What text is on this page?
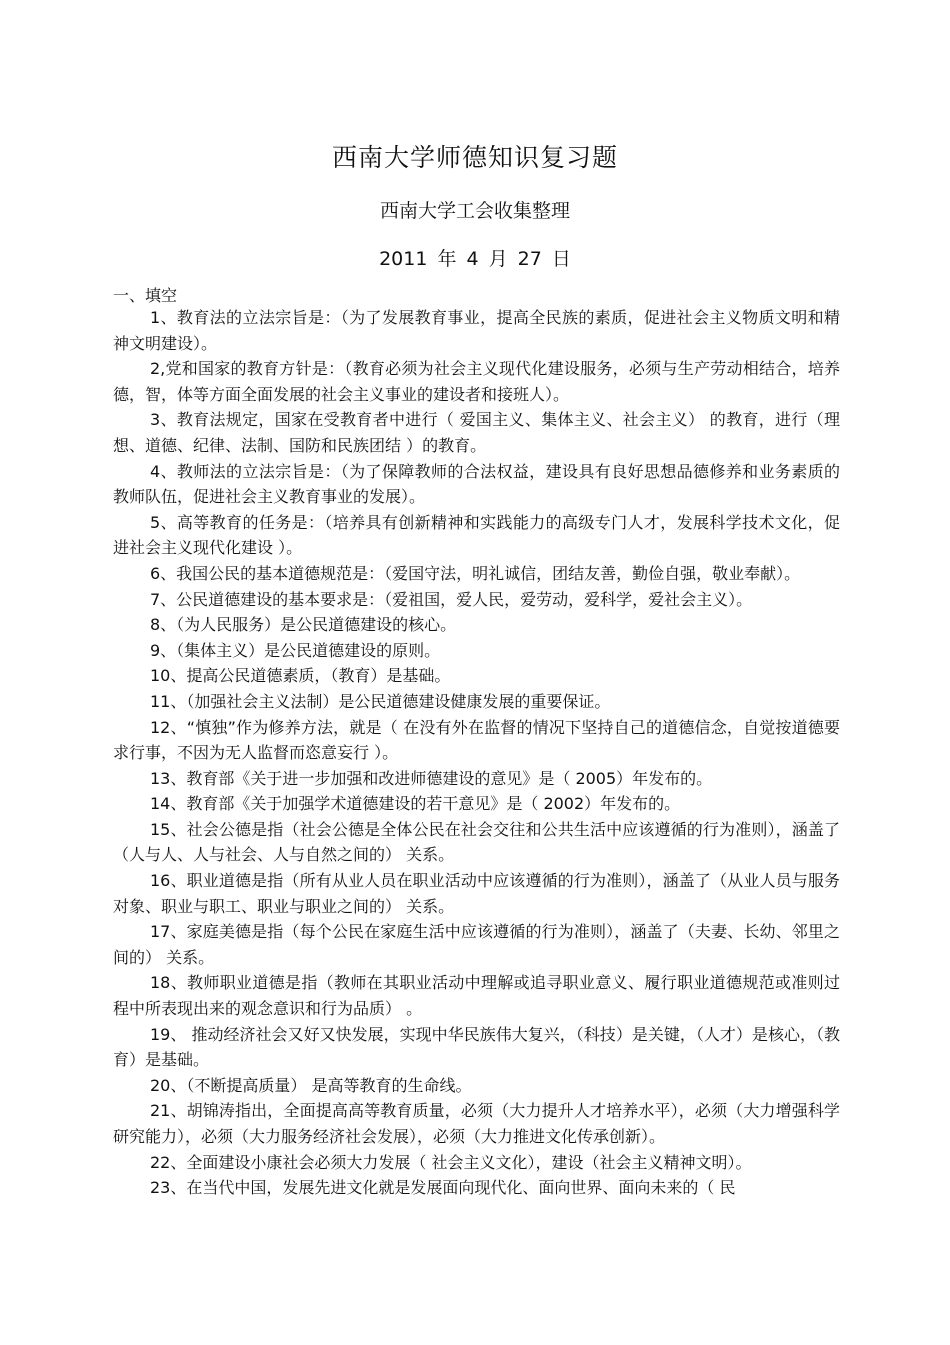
西南大学师德知识复习题
西南大学工会收集整理
2011 年 4 月 27 日
一、填空

1、教育法的立法宗旨是：（为了发展教育事业，提高全民族的素质，促进社会主义物质文明和精神文明建设）。

2,党和国家的教育方针是：（教育必须为社会主义现代化建设服务，必须与生产劳动相结合，培养德，智，体等方面全面发展的社会主义事业的建设者和接班人）。

3、教育法规定，国家在受教育者中进行（ 爱国主义、集体主义、社会主义） 的教育，进行（理想、道德、纪律、法制、国防和民族团结 ）的教育。

4、教师法的立法宗旨是：（为了保障教师的合法权益，建设具有良好思想品德修养和业务素质的教师队伍，促进社会主义教育事业的发展）。

5、高等教育的任务是：（培养具有创新精神和实践能力的高级专门人才，发展科学技术文化，促进社会主义现代化建设 ）。

6、我国公民的基本道德规范是：（爱国守法，明礼诚信，团结友善，勤俭自强，敬业奉献）。

7、公民道德建设的基本要求是：（爱祖国，爱人民，爱劳动，爱科学，爱社会主义）。

8、（为人民服务）是公民道德建设的核心。

9、（集体主义）是公民道德建设的原则。

10、提高公民道德素质，（教育）是基础。

11、（加强社会主义法制）是公民道德建设健康发展的重要保证。

12、“慎独”作为修养方法，就是（ 在没有外在监督的情况下坚持自己的道德信念，自觉按道德要求行事，不因为无人监督而恣意妄行 ）。

13、教育部《关于进一步加强和改进师德建设的意见》是（ 2005）年发布的。

14、教育部《关于加强学术道德建设的若干意见》是（ 2002）年发布的。

15、社会公德是指（社会公德是全体公民在社会交往和公共生活中应该遵循的行为准则），涵盖了（人与人、人与社会、人与自然之间的） 关系。

16、职业道德是指（所有从业人员在职业活动中应该遵循的行为准则），涵盖了（从业人员与服务对象、职业与职工、职业与职业之间的） 关系。

17、家庭美德是指（每个公民在家庭生活中应该遵循的行为准则），涵盖了（夫妻、长幼、邻里之间的） 关系。

18、教师职业道德是指（教师在其职业活动中理解或追寻职业意义、履行职业道德规范或准则过程中所表现出来的观念意识和行为品质） 。

19、 推动经济社会又好又快发展，实现中华民族伟大复兴，（科技）是关键，（人才）是核心，（教育）是基础。

20、（不断提高质量） 是高等教育的生命线。

21、胡锦涛指出，全面提高高等教育质量，必须（大力提升人才培养水平），必须（大力增强科学研究能力），必须（大力服务经济社会发展），必须（大力推进文化传承创新）。

22、全面建设小康社会必须大力发展（ 社会主义文化），建设（社会主义精神文明）。

23、在当代中国，发展先进文化就是发展面向现代化、面向世界、面向未来的（ 民
